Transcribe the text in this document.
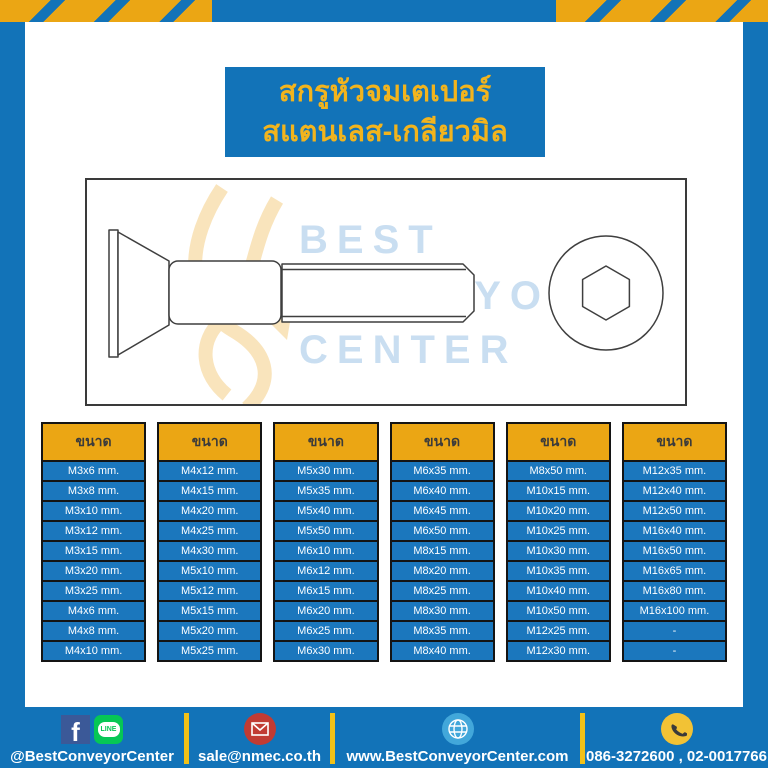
สกรูหัวจมเตเปอร์
สแตนเลส-เกลียวมิล
BEST
CENTER
ขนาด
M3x6 mm.
M3x8 mm.
M3x10 mm.
M3x12 mm.
M3x15 mm.
M3x20 mm.
M3x25 mm.
M4x6 mm.
M4x8 mm.
M4x10 mm.
ขนาด
M4x12 mm.
M4x15 mm.
M4x20 mm.
M4x25 mm.
M4x30 mm.
M5x10 mm.
M5x12 mm.
M5x15 mm.
M5x20 mm.
M5x25 mm.
ขนาด
M5x30 mm.
M5x35 mm.
M5x40 mm.
M5x50 mm.
M6x10 mm.
M6x12 mm.
M6x15 mm.
M6x20 mm.
M6x25 mm.
M6x30 mm.
ขนาด
M6x35 mm.
M6x40 mm.
M6x45 mm.
M6x50 mm.
M8x15 mm.
M8x20 mm.
M8x25 mm.
M8x30 mm.
M8x35 mm.
M8x40 mm.
ขนาด
M8x50 mm.
M10x15 mm.
M10x20 mm.
M10x25 mm.
M10x30 mm.
M10x35 mm.
M10x40 mm.
M10x50 mm.
M12x25 mm.
M12x30 mm.
ขนาด
M12x35 mm.
M12x40 mm.
M12x50 mm.
M16x40 mm.
M16x50 mm.
M16x65 mm.
M16x80 mm.
M16x100 mm.
-
-
f	LINE
@BestConveyorCenter sale@nmec.co.th www.BestConveyorCenter.com 086-3272600 , 02-0017766
